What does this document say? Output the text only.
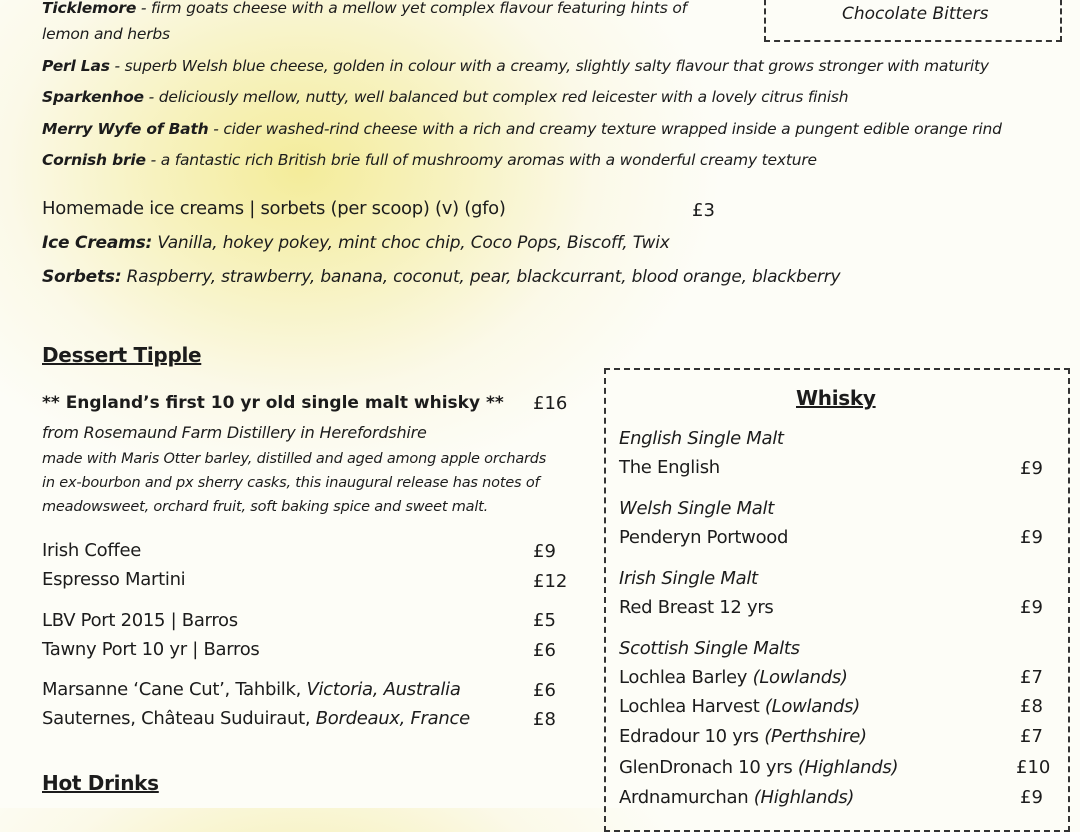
Chocolate Bitters
Ticklemore - firm goats cheese with a mellow yet complex flavour featuring hints of
lemon and herbs
Perl Las - superb Welsh blue cheese, golden in colour with a creamy, slightly salty flavour that grows stronger with maturity
Sparkenhoe - deliciously mellow, nutty, well balanced but complex red leicester with a lovely citrus finish
Merry Wyfe of Bath - cider washed-rind cheese with a rich and creamy texture wrapped inside a pungent edible orange rind
Cornish brie - a fantastic rich British brie full of mushroomy aromas with a wonderful creamy texture
Homemade ice creams | sorbets (per scoop) (v) (gfo)	£3
Ice Creams: Vanilla, hokey pokey, mint choc chip, Coco Pops, Biscoff, Twix
Sorbets: Raspberry, strawberry, banana, coconut, pear, blackcurrant, blood orange, blackberry
Dessert Tipple
** England’s first 10 yr old single malt whisky ** £16
from Rosemaund Farm Distillery in Herefordshire
made with Maris Otter barley, distilled and aged among apple orchards
in ex-bourbon and px sherry casks, this inaugural release has notes of
meadowsweet, orchard fruit, soft baking spice and sweet malt.
Irish Coffee	£9
Espresso Martini	£12
LBV Port 2015 | Barros	£5
Tawny Port 10 yr | Barros	£6
Marsanne ‘Cane Cut’, Tahbilk, Victoria, Australia	£6
Sauternes, Château Suduiraut, Bordeaux, France	£8
Hot Drinks
Whisky
English Single Malt
The English	£9
Welsh Single Malt
Penderyn Portwood	£9
Irish Single Malt
Red Breast 12 yrs	£9
Scottish Single Malts
Lochlea Barley (Lowlands)	£7
Lochlea Harvest (Lowlands)	£8
Edradour 10 yrs (Perthshire)	£7
GlenDronach 10 yrs (Highlands)	£10
Ardnamurchan (Highlands)	£9
